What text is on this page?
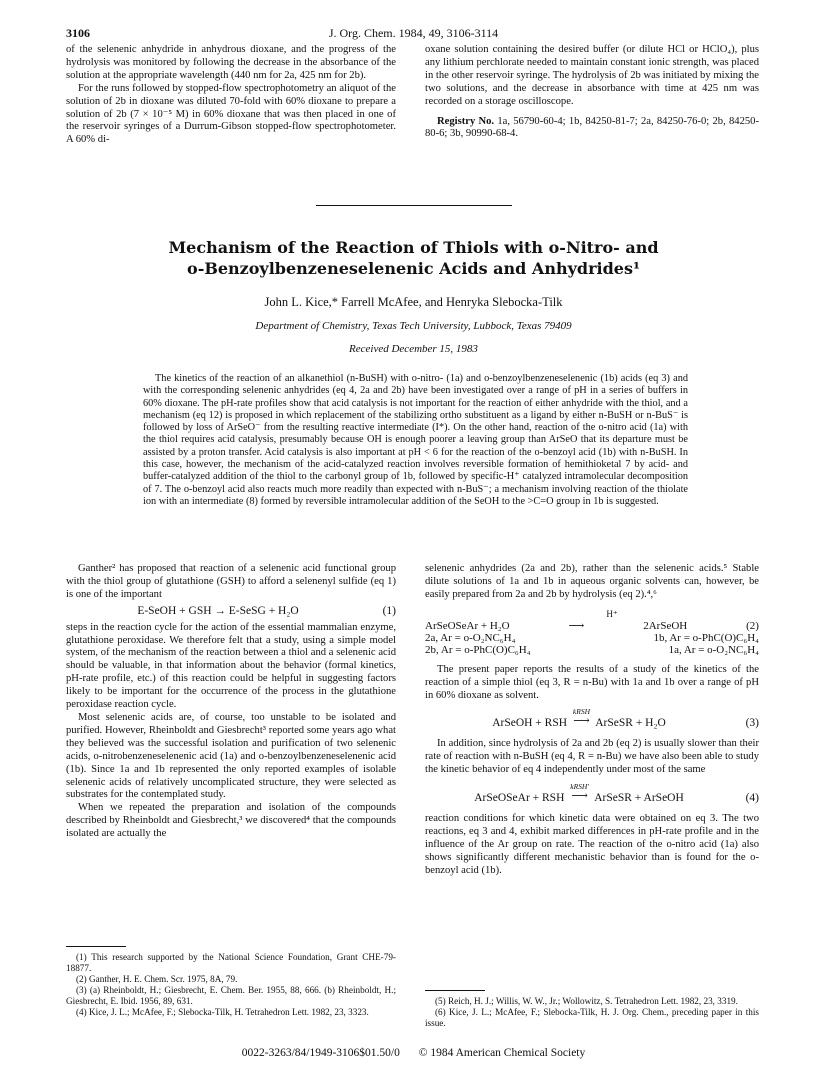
3106	J. Org. Chem. 1984, 49, 3106-3114

of the selenenic anhydride in anhydrous dioxane, and the progress of the hydrolysis was monitored by following the decrease in the absorbance of the solution at the appropriate wavelength (440 nm for 2a, 425 nm for 2b).

For the runs followed by stopped-flow spectrophotometry an aliquot of the solution of 2b in dioxane was diluted 70-fold with 60% dioxane to prepare a solution of 2b (7 × 10⁻⁵ M) in 60% dioxane that was then placed in one of the reservoir syringes of a Durrum-Gibson stopped-flow spectrophotometer. A 60% di-

oxane solution containing the desired buffer (or dilute HCl or HClO₄), plus any lithium perchlorate needed to maintain constant ionic strength, was placed in the other reservoir syringe. The hydrolysis of 2b was initiated by mixing the two solutions, and the decrease in absorbance with time at 425 nm was recorded on a storage oscilloscope.

Registry No. 1a, 56790-60-4; 1b, 84250-81-7; 2a, 84250-76-0; 2b, 84250-80-6; 3b, 90990-68-4.

Mechanism of the Reaction of Thiols with o-Nitro- and
o-Benzoylbenzeneselenenic Acids and Anhydrides¹
John L. Kice,* Farrell McAfee, and Henryka Slebocka-Tilk
Department of Chemistry, Texas Tech University, Lubbock, Texas 79409
Received December 15, 1983

The kinetics of the reaction of an alkanethiol (n-BuSH) with o-nitro- (1a) and o-benzoylbenzeneselenenic (1b) acids (eq 3) and with the corresponding selenenic anhydrides (eq 4, 2a and 2b) have been investigated over a range of pH in a series of buffers in 60% dioxane. The pH-rate profiles show that acid catalysis is not important for the reaction of either anhydride with the thiol, and a mechanism (eq 12) is proposed in which replacement of the stabilizing ortho substituent as a ligand by either n-BuSH or n-BuS⁻ is followed by loss of ArSeO⁻ from the resulting reactive intermediate (I*). On the other hand, reaction of the o-nitro acid (1a) with the thiol requires acid catalysis, presumably because OH is enough poorer a leaving group than ArSeO that its departure must be assisted by a proton transfer. Acid catalysis is also important at pH < 6 for the reaction of the o-benzoyl acid (1b) with n-BuSH. In this case, however, the mechanism of the acid-catalyzed reaction involves reversible formation of hemithioketal 7 by acid- and buffer-catalyzed addition of the thiol to the carbonyl group of 1b, followed by specific-H⁺ catalyzed intramolecular decomposition of 7. The o-benzoyl acid also reacts much more readily than expected with n-BuS⁻; a mechanism involving reaction of the thiolate ion with an intermediate (8) formed by reversible intramolecular addition of the SeOH to the >C=O group in 1b is suggested.

Ganther² has proposed that reaction of a selenenic acid functional group with the thiol group of glutathione (GSH) to afford a selenenyl sulfide (eq 1) is one of the important

E-SeOH + GSH → E-SeSG + H₂O	(1)

steps in the reaction cycle for the action of the essential mammalian enzyme, glutathione peroxidase. We therefore felt that a study, using a simple model system, of the mechanism of the reaction between a thiol and a selenenic acid should be valuable, in that information about the behavior (formal kinetics, pH-rate profile, etc.) of this reaction could be helpful in suggesting factors likely to be important for the occurrence of the process in the glutathione peroxidase reaction cycle.

Most selenenic acids are, of course, too unstable to be isolated and purified. However, Rheinboldt and Giesbrecht³ reported some years ago what they believed was the successful isolation and purification of two selenenic acids, o-nitrobenzeneselenenic acid (1a) and o-benzoylbenzeneselenenic acid (1b). Since 1a and 1b represented the only reported examples of isolable selenenic acids of relatively uncomplicated structure, they were selected as substrates for the contemplated study.

When we repeated the preparation and isolation of the compounds described by Rheinboldt and Giesbrecht,³ we discovered⁴ that the compounds isolated are actually the

selenenic anhydrides (2a and 2b), rather than the selenenic acids.⁵ Stable dilute solutions of 1a and 1b in aqueous organic solvents can, however, be easily prepared from 2a and 2b by hydrolysis (eq 2).⁴,⁶

H⁺
ArSeOSeAr + H₂O	⟶	2ArSeOH	(2)
2a, Ar = o-O₂NC₆H₄	1b, Ar = o-PhC(O)C₆H₄
2b, Ar = o-PhC(O)C₆H₄	1a, Ar = o-O₂NC₆H₄

The present paper reports the results of a study of the kinetics of the reaction of a simple thiol (eq 3, R = n-Bu) with 1a and 1b over a range of pH in 60% dioxane as solvent.

ArSeOH + RSH
kRSH
⟶ ArSeSR + H₂O	(3)

In addition, since hydrolysis of 2a and 2b (eq 2) is usually slower than their rate of reaction with n-BuSH (eq 4, R = n-Bu) we have also been able to study the kinetic behavior of eq 4 independently under most of the same

ArSeOSeAr + RSH
kRSH′
⟶ ArSeSR + ArSeOH	(4)

reaction conditions for which kinetic data were obtained on eq 3. The two reactions, eq 3 and 4, exhibit marked differences in pH-rate profile and in the influence of the Ar group on rate. The reaction of the o-nitro acid (1a) also shows significantly different mechanistic behavior than is found for the o-benzoyl acid (1b).

(1) This research supported by the National Science Foundation, Grant CHE-79-18877.

(2) Ganther, H. E. Chem. Scr. 1975, 8A, 79.

(3) (a) Rheinboldt, H.; Giesbrecht, E. Chem. Ber. 1955, 88, 666. (b) Rheinboldt, H.; Giesbrecht, E. Ibid. 1956, 89, 631.

(4) Kice, J. L.; McAfee, F.; Slebocka-Tilk, H. Tetrahedron Lett. 1982, 23, 3323.

(5) Reich, H. J.; Willis, W. W., Jr.; Wollowitz, S. Tetrahedron Lett. 1982, 23, 3319.

(6) Kice, J. L.; McAfee, F.; Slebocka-Tilk, H. J. Org. Chem., preceding paper in this issue.

0022-3263/84/1949-3106$01.50/0 © 1984 American Chemical Society
